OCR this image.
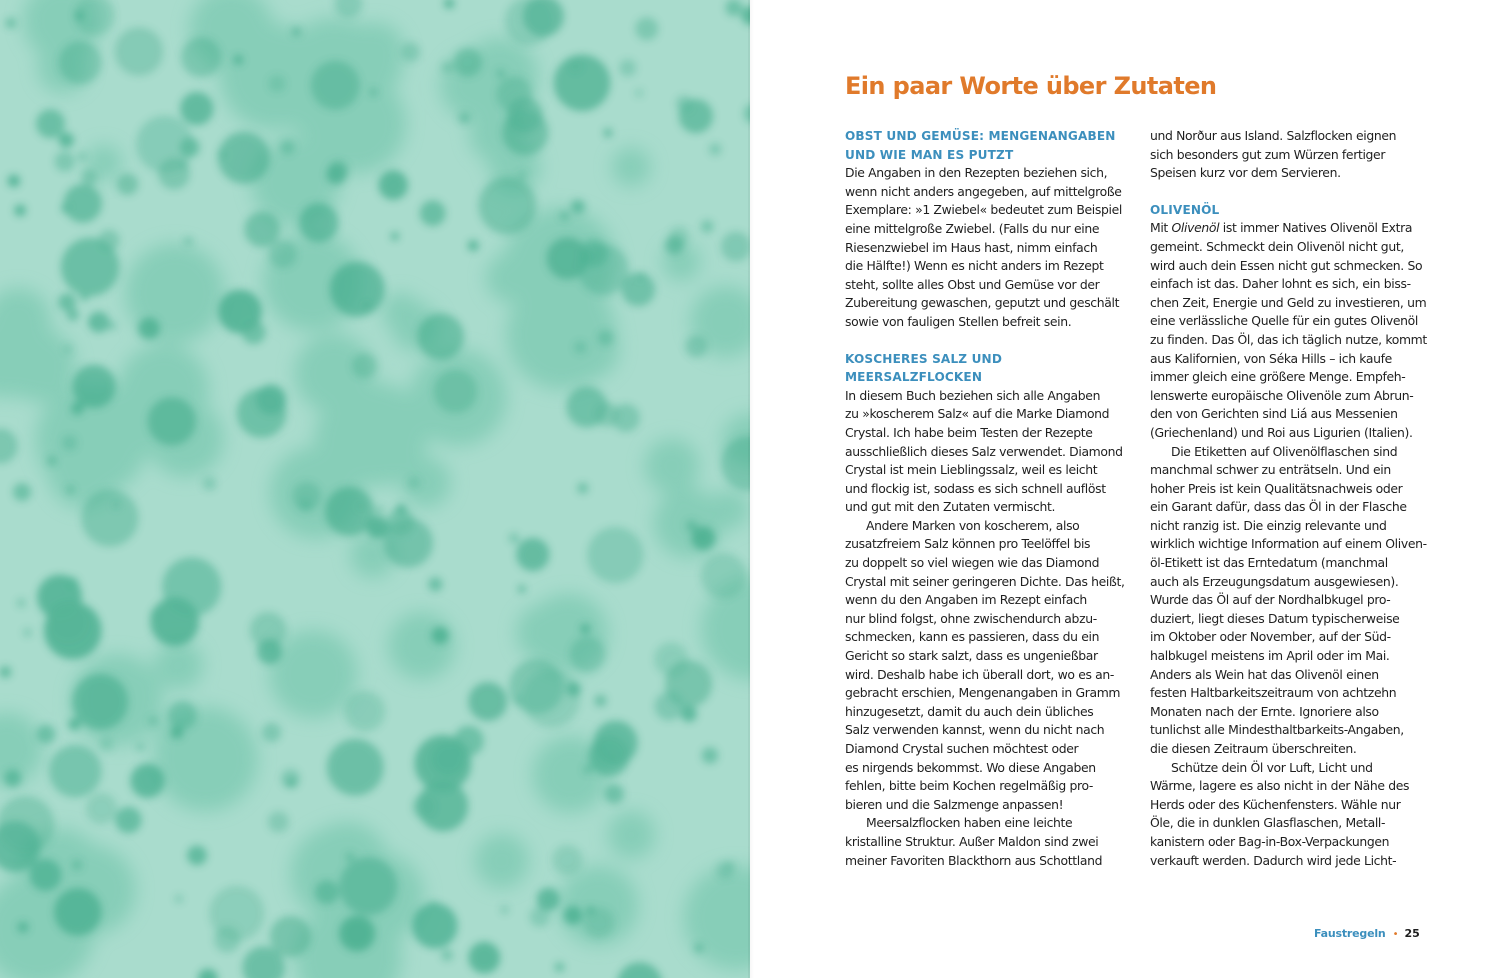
Ein paar Worte über Zutaten
OBST UND GEMÜSE: MENGENANGABEN
UND WIE MAN ES PUTZT
Die Angaben in den Rezepten beziehen sich,
wenn nicht anders angegeben, auf mittelgroße
Exemplare: »1 Zwiebel« bedeutet zum Beispiel
eine mittelgroße Zwiebel. (Falls du nur eine
Riesenzwiebel im Haus hast, nimm einfach
die Hälfte!) Wenn es nicht anders im Rezept
steht, sollte alles Obst und Gemüse vor der
Zubereitung gewaschen, geputzt und geschält
sowie von fauligen Stellen befreit sein.
KOSCHERES SALZ UND
MEERSALZFLOCKEN
In diesem Buch beziehen sich alle Angaben
zu »koscherem Salz« auf die Marke Diamond
Crystal. Ich habe beim Testen der Rezepte
ausschließlich dieses Salz verwendet. Diamond
Crystal ist mein Lieblingssalz, weil es leicht
und flockig ist, sodass es sich schnell auflöst
und gut mit den Zutaten vermischt.
Andere Marken von koscherem, also
zusatzfreiem Salz können pro Teelöffel bis
zu doppelt so viel wiegen wie das Diamond
Crystal mit seiner geringeren Dichte. Das heißt,
wenn du den Angaben im Rezept einfach
nur blind folgst, ohne zwischendurch abzu-
schmecken, kann es passieren, dass du ein
Gericht so stark salzt, dass es ungenießbar
wird. Deshalb habe ich überall dort, wo es an-
gebracht erschien, Mengenangaben in Gramm
hinzugesetzt, damit du auch dein übliches
Salz verwenden kannst, wenn du nicht nach
Diamond Crystal suchen möchtest oder
es nirgends bekommst. Wo diese Angaben
fehlen, bitte beim Kochen regelmäßig pro-
bieren und die Salzmenge anpassen!
Meersalzflocken haben eine leichte
kristalline Struktur. Außer Maldon sind zwei
meiner Favoriten Blackthorn aus Schottland
und Norður aus Island. Salzflocken eignen
sich besonders gut zum Würzen fertiger
Speisen kurz vor dem Servieren.
OLIVENÖL
Mit Olivenöl ist immer Natives Olivenöl Extra
gemeint. Schmeckt dein Olivenöl nicht gut,
wird auch dein Essen nicht gut schmecken. So
einfach ist das. Daher lohnt es sich, ein biss-
chen Zeit, Energie und Geld zu investieren, um
eine verlässliche Quelle für ein gutes Olivenöl
zu finden. Das Öl, das ich täglich nutze, kommt
aus Kalifornien, von Séka Hills – ich kaufe
immer gleich eine größere Menge. Empfeh-
lenswerte europäische Olivenöle zum Abrun-
den von Gerichten sind Liá aus Messenien
(Griechenland) und Roi aus Ligurien (Italien).
Die Etiketten auf Olivenölflaschen sind
manchmal schwer zu enträtseln. Und ein
hoher Preis ist kein Qualitätsnachweis oder
ein Garant dafür, dass das Öl in der Flasche
nicht ranzig ist. Die einzig relevante und
wirklich wichtige Information auf einem Oliven-
öl-Etikett ist das Erntedatum (manchmal
auch als Erzeugungsdatum ausgewiesen).
Wurde das Öl auf der Nordhalbkugel pro-
duziert, liegt dieses Datum typischerweise
im Oktober oder November, auf der Süd-
halbkugel meistens im April oder im Mai.
Anders als Wein hat das Olivenöl einen
festen Haltbarkeitszeitraum von achtzehn
Monaten nach der Ernte. Ignoriere also
tunlichst alle Mindesthaltbarkeits-Angaben,
die diesen Zeitraum überschreiten.
Schütze dein Öl vor Luft, Licht und
Wärme, lagere es also nicht in der Nähe des
Herds oder des Küchenfensters. Wähle nur
Öle, die in dunklen Glasflaschen, Metall-
kanistern oder Bag-in-Box-Verpackungen
verkauft werden. Dadurch wird jede Licht-
Faustregeln • 25
